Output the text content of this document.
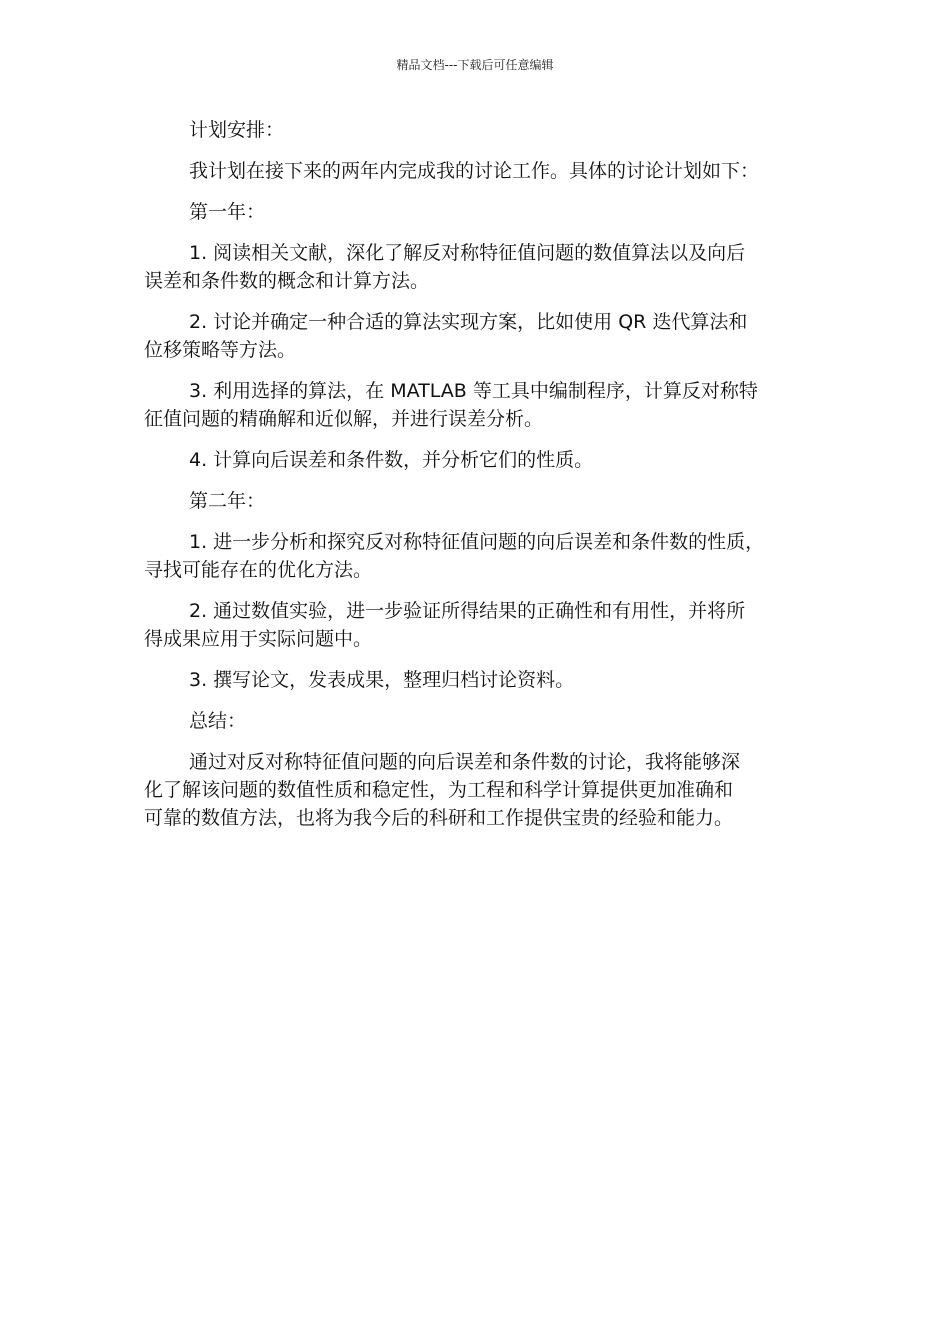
精品文档---下载后可任意编辑

计划安排：

我计划在接下来的两年内完成我的讨论工作。具体的讨论计划如下：

第一年：

1. 阅读相关文献，深化了解反对称特征值问题的数值算法以及向后
误差和条件数的概念和计算方法。

2. 讨论并确定一种合适的算法实现方案，比如使用 QR 迭代算法和
位移策略等方法。

3. 利用选择的算法，在 MATLAB 等工具中编制程序，计算反对称特
征值问题的精确解和近似解，并进行误差分析。

4. 计算向后误差和条件数，并分析它们的性质。

第二年：

1. 进一步分析和探究反对称特征值问题的向后误差和条件数的性质，
寻找可能存在的优化方法。

2. 通过数值实验，进一步验证所得结果的正确性和有用性，并将所
得成果应用于实际问题中。

3. 撰写论文，发表成果，整理归档讨论资料。

总结：

通过对反对称特征值问题的向后误差和条件数的讨论，我将能够深
化了解该问题的数值性质和稳定性，为工程和科学计算提供更加准确和
可靠的数值方法，也将为我今后的科研和工作提供宝贵的经验和能力。
